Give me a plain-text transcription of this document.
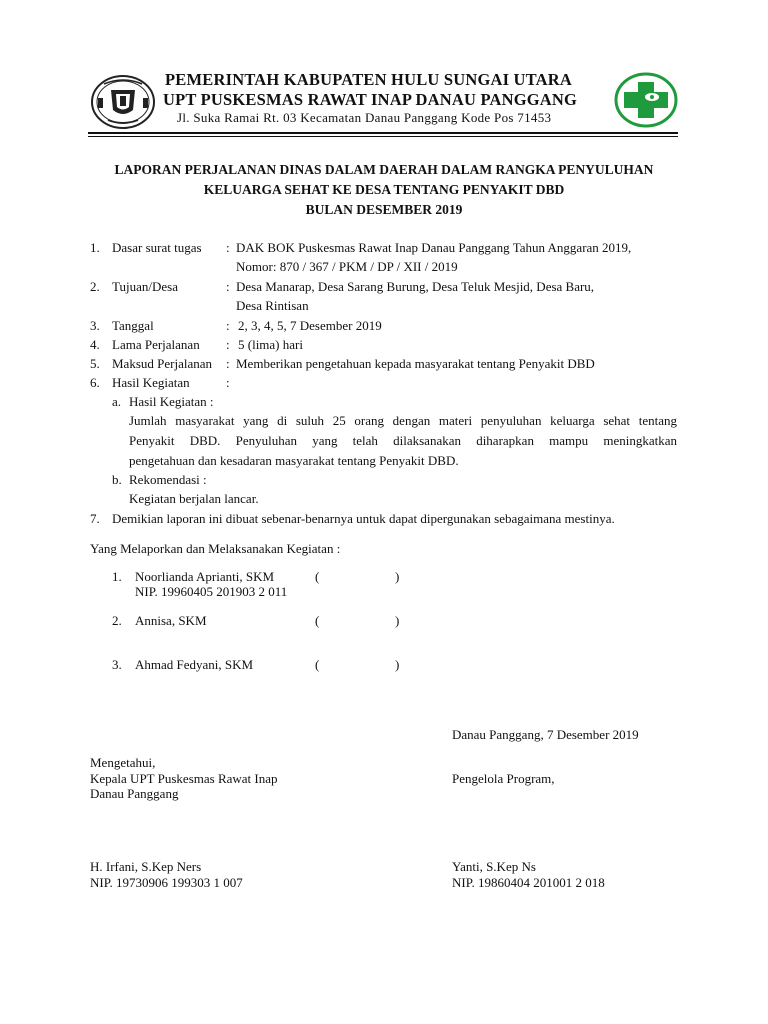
PEMERINTAH KABUPATEN HULU SUNGAI UTARA
UPT PUSKESMAS RAWAT INAP DANAU PANGGANG
Jl. Suka Ramai Rt. 03 Kecamatan Danau Panggang Kode Pos 71453
LAPORAN PERJALANAN DINAS DALAM DAERAH DALAM RANGKA PENYULUHAN
KELUARGA SEHAT KE DESA TENTANG PENYAKIT DBD
BULAN DESEMBER 2019
1. Dasar surat tugas : DAK BOK Puskesmas Rawat Inap Danau Panggang Tahun Anggaran 2019,
Nomor: 870 / 367 / PKM / DP / XII / 2019
2. Tujuan/Desa	: Desa Manarap, Desa Sarang Burung, Desa Teluk Mesjid, Desa Baru,
Desa Rintisan
3. Tanggal	: 2, 3, 4, 5, 7 Desember 2019
4. Lama Perjalanan : 5 (lima) hari
5. Maksud Perjalanan : Memberikan pengetahuan kepada masyarakat tentang Penyakit DBD
6. Hasil Kegiatan	:
a. Hasil Kegiatan :
Jumlah masyarakat yang di suluh 25 orang dengan materi penyuluhan keluarga sehat tentang
Penyakit DBD. Penyuluhan yang telah dilaksanakan diharapkan mampu meningkatkan
pengetahuan dan kesadaran masyarakat tentang Penyakit DBD.
b. Rekomendasi :
Kegiatan berjalan lancar.
7. Demikian laporan ini dibuat sebenar-benarnya untuk dapat dipergunakan sebagaimana mestinya.
Yang Melaporkan dan Melaksanakan Kegiatan :
1. Noorlianda Aprianti, SKM	(	)
NIP. 19960405 201903 2 011
2. Annisa, SKM	(	)
3. Ahmad Fedyani, SKM	(	)
Danau Panggang, 7 Desember 2019
Mengetahui,
Kepala UPT Puskesmas Rawat Inap	Pengelola Program,
Danau Panggang
H. Irfani, S.Kep Ners	Yanti, S.Kep Ns
NIP. 19730906 199303 1 007	NIP. 19860404 201001 2 018
